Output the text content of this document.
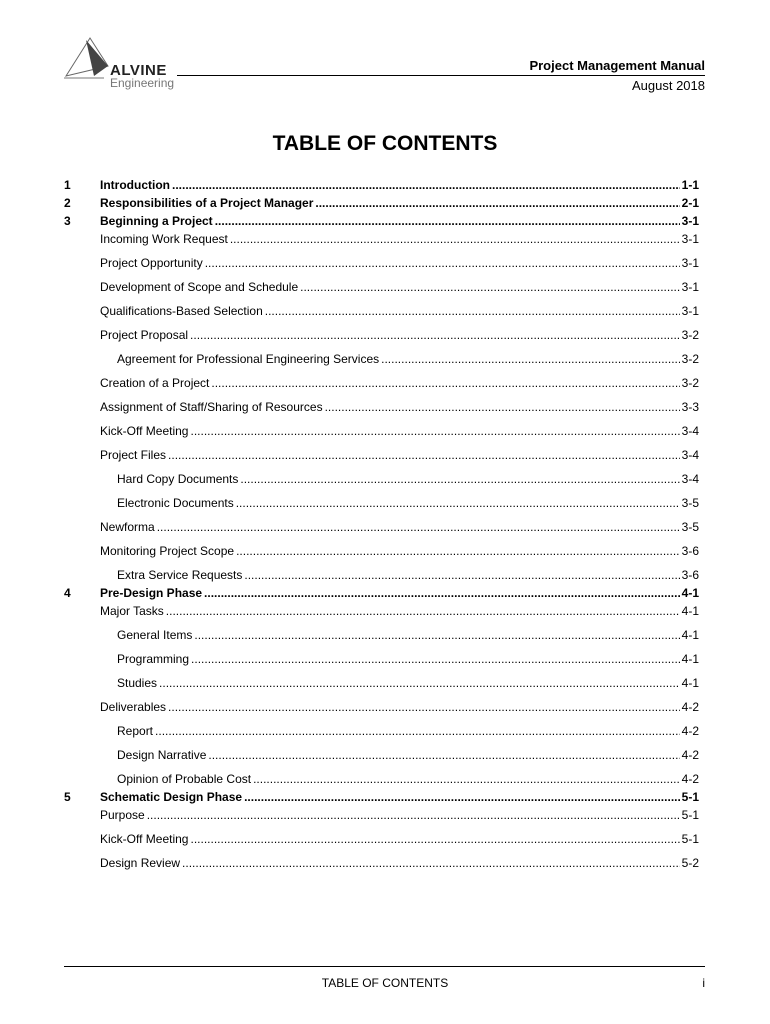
ALVINE
Engineering
Project Management Manual
August 2018
TABLE OF CONTENTS
1	Introduction .....	1-1
2	Responsibilities of a Project Manager .....	2-1
3	Beginning a Project .....	3-1
Incoming Work Request .....	3-1
Project Opportunity .....	3-1
Development of Scope and Schedule .....	3-1
Qualifications-Based Selection .....	3-1
Project Proposal .....	3-2
Agreement for Professional Engineering Services .....	3-2
Creation of a Project .....	3-2
Assignment of Staff/Sharing of Resources .....	3-3
Kick-Off Meeting .....	3-4
Project Files .....	3-4
Hard Copy Documents .....	3-4
Electronic Documents .....	3-5
Newforma .....	3-5
Monitoring Project Scope .....	3-6
Extra Service Requests .....	3-6
4	Pre-Design Phase .....	4-1
Major Tasks .....	4-1
General Items .....	4-1
Programming .....	4-1
Studies .....	4-1
Deliverables .....	4-2
Report .....	4-2
Design Narrative .....	4-2
Opinion of Probable Cost .....	4-2
5	Schematic Design Phase .....	5-1
Purpose .....	5-1
Kick-Off Meeting .....	5-1
Design Review .....	5-2
TABLE OF CONTENTS	i
